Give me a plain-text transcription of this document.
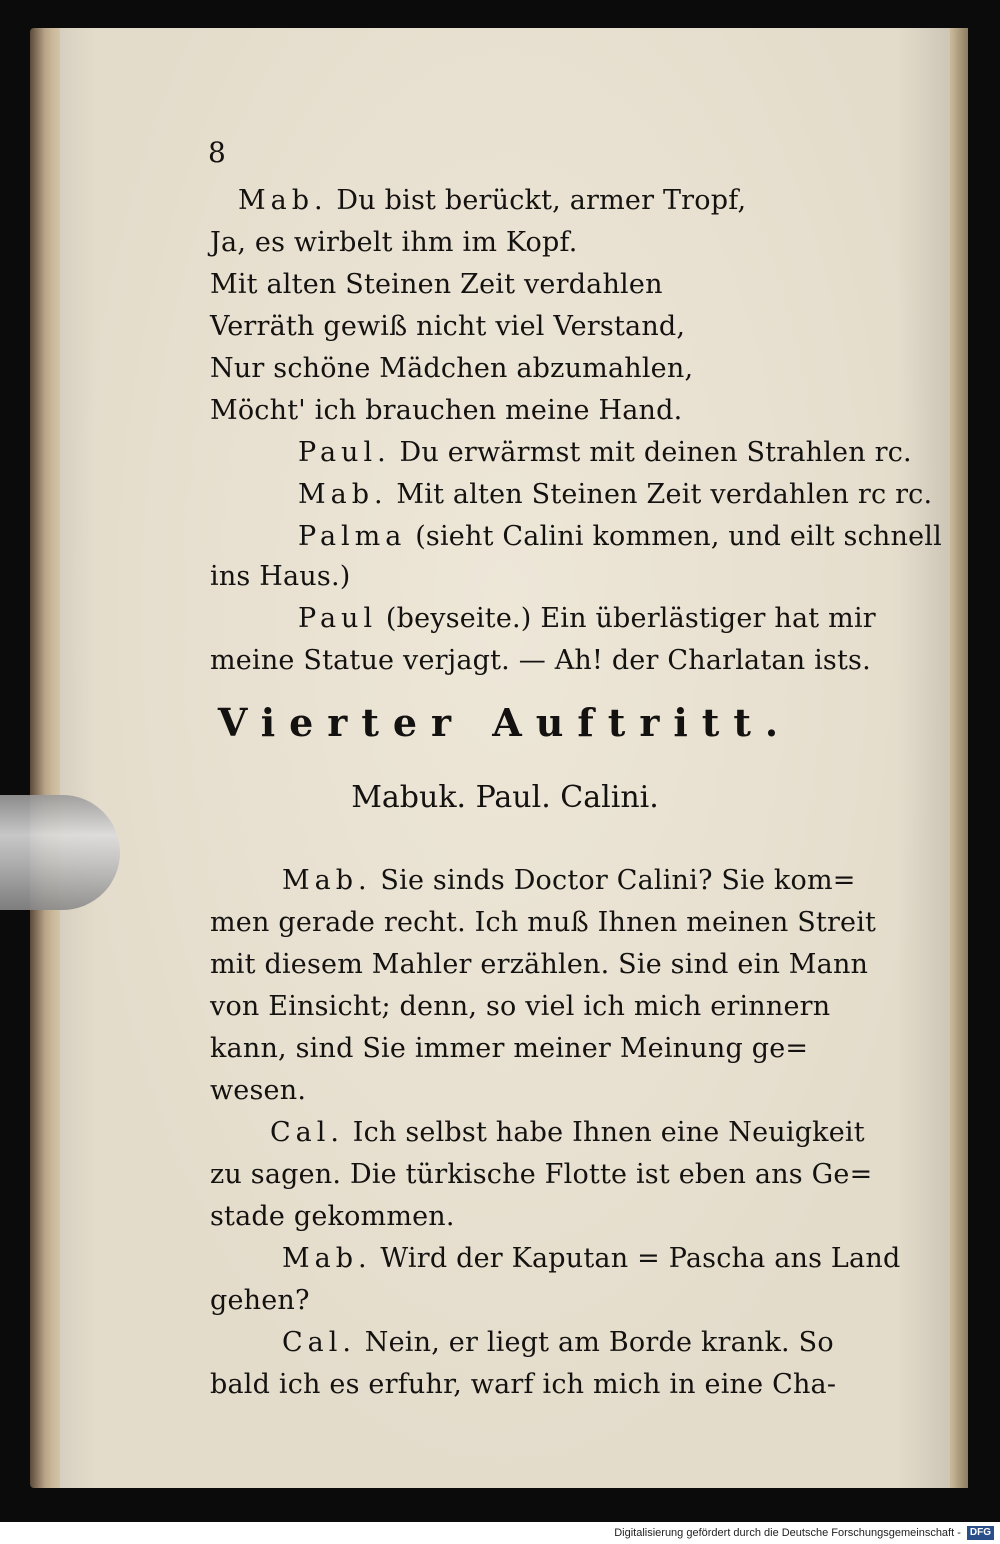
8
Mab. Du bist berückt, armer Tropf,
Ja, es wirbelt ihm im Kopf.
Mit alten Steinen Zeit verdahlen
Verräth gewiß nicht viel Verstand,
Nur schöne Mädchen abzumahlen,
Möcht' ich brauchen meine Hand.
Paul. Du erwärmst mit deinen Strahlen rc.
Mab. Mit alten Steinen Zeit verdahlen rc rc.
Palma (sieht Calini kommen, und eilt schnell
ins Haus.)
Paul (beyseite.) Ein überlästiger hat mir
meine Statue verjagt. — Ah! der Charlatan ists.
Vierter Auftritt.
Mabuk. Paul. Calini.
Mab. Sie sinds Doctor Calini? Sie kom=
men gerade recht. Ich muß Ihnen meinen Streit
mit diesem Mahler erzählen. Sie sind ein Mann
von Einsicht; denn, so viel ich mich erinnern
kann, sind Sie immer meiner Meinung ge=
wesen.
Cal. Ich selbst habe Ihnen eine Neuigkeit
zu sagen. Die türkische Flotte ist eben ans Ge=
stade gekommen.
Mab. Wird der Kaputan = Pascha ans Land
gehen?
Cal. Nein, er liegt am Borde krank. So
bald ich es erfuhr, warf ich mich in eine Cha-
Digitalisierung gefördert durch die Deutsche Forschungsgemeinschaft - DFG
